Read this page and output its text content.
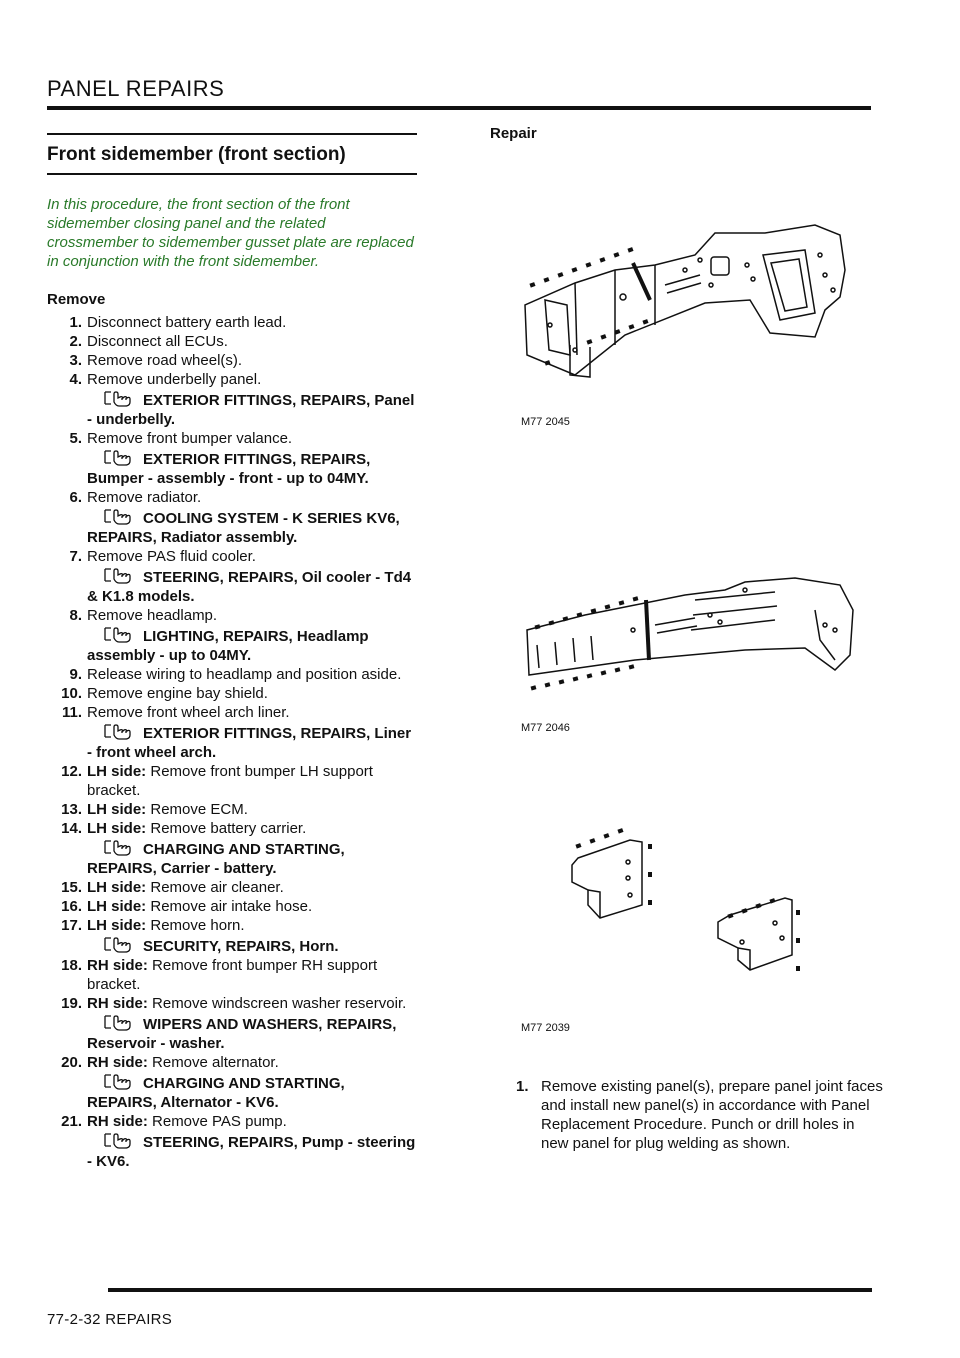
PANEL REPAIRS
Front sidemember (front section)
In this procedure, the front section of the front sidemember closing panel and the related crossmember to sidemember gusset plate are replaced in conjunction with the front sidemember.
Remove
1. Disconnect battery earth lead.
2. Disconnect all ECUs.
3. Remove road wheel(s).
4. Remove underbelly panel.
EXTERIOR FITTINGS, REPAIRS, Panel - underbelly.
5. Remove front bumper valance.
EXTERIOR FITTINGS, REPAIRS, Bumper - assembly - front - up to 04MY.
6. Remove radiator.
COOLING SYSTEM - K SERIES KV6, REPAIRS, Radiator assembly.
7. Remove PAS fluid cooler.
STEERING, REPAIRS, Oil cooler - Td4 & K1.8 models.
8. Remove headlamp.
LIGHTING, REPAIRS, Headlamp assembly - up to 04MY.
9. Release wiring to headlamp and position aside.
10. Remove engine bay shield.
11. Remove front wheel arch liner.
EXTERIOR FITTINGS, REPAIRS, Liner - front wheel arch.
12. LH side: Remove front bumper LH support bracket.
13. LH side: Remove ECM.
14. LH side: Remove battery carrier.
CHARGING AND STARTING, REPAIRS, Carrier - battery.
15. LH side: Remove air cleaner.
16. LH side: Remove air intake hose.
17. LH side: Remove horn.
SECURITY, REPAIRS, Horn.
18. RH side: Remove front bumper RH support bracket.
19. RH side: Remove windscreen washer reservoir.
WIPERS AND WASHERS, REPAIRS, Reservoir - washer.
20. RH side: Remove alternator.
CHARGING AND STARTING, REPAIRS, Alternator - KV6.
21. RH side: Remove PAS pump.
STEERING, REPAIRS, Pump - steering - KV6.
Repair
M77 2045
M77 2046
M77 2039
1. Remove existing panel(s), prepare panel joint faces and install new panel(s) in accordance with Panel Replacement Procedure. Punch or drill holes in new panel for plug welding as shown.
77-2-32 REPAIRS
